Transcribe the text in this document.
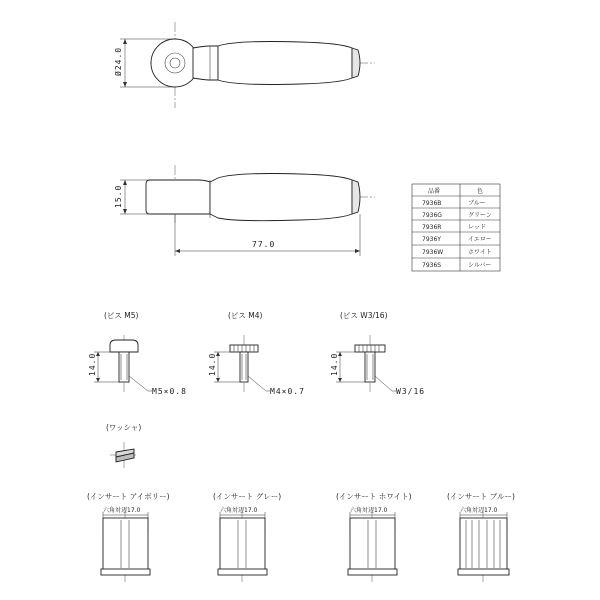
Ø24.0
15.0
77.0
品番	色
7936B	ブルー
7936G	グリーン
7936R	レッド
7936Y	イエロー
7936W	ホワイト
7936S	シルバー
(ビス M5)
14.0
M5×0.8
(ビス M4)
14.0
M4×0.7
(ビス W3/16)
14.0
W3/16
(ワッシャ)
(インサート アイボリー)
六角対辺17.0
(インサート グレー)
六角対辺17.0
(インサート ホワイト)
六角対辺17.0
(インサート ブルー)
六角対辺17.0
